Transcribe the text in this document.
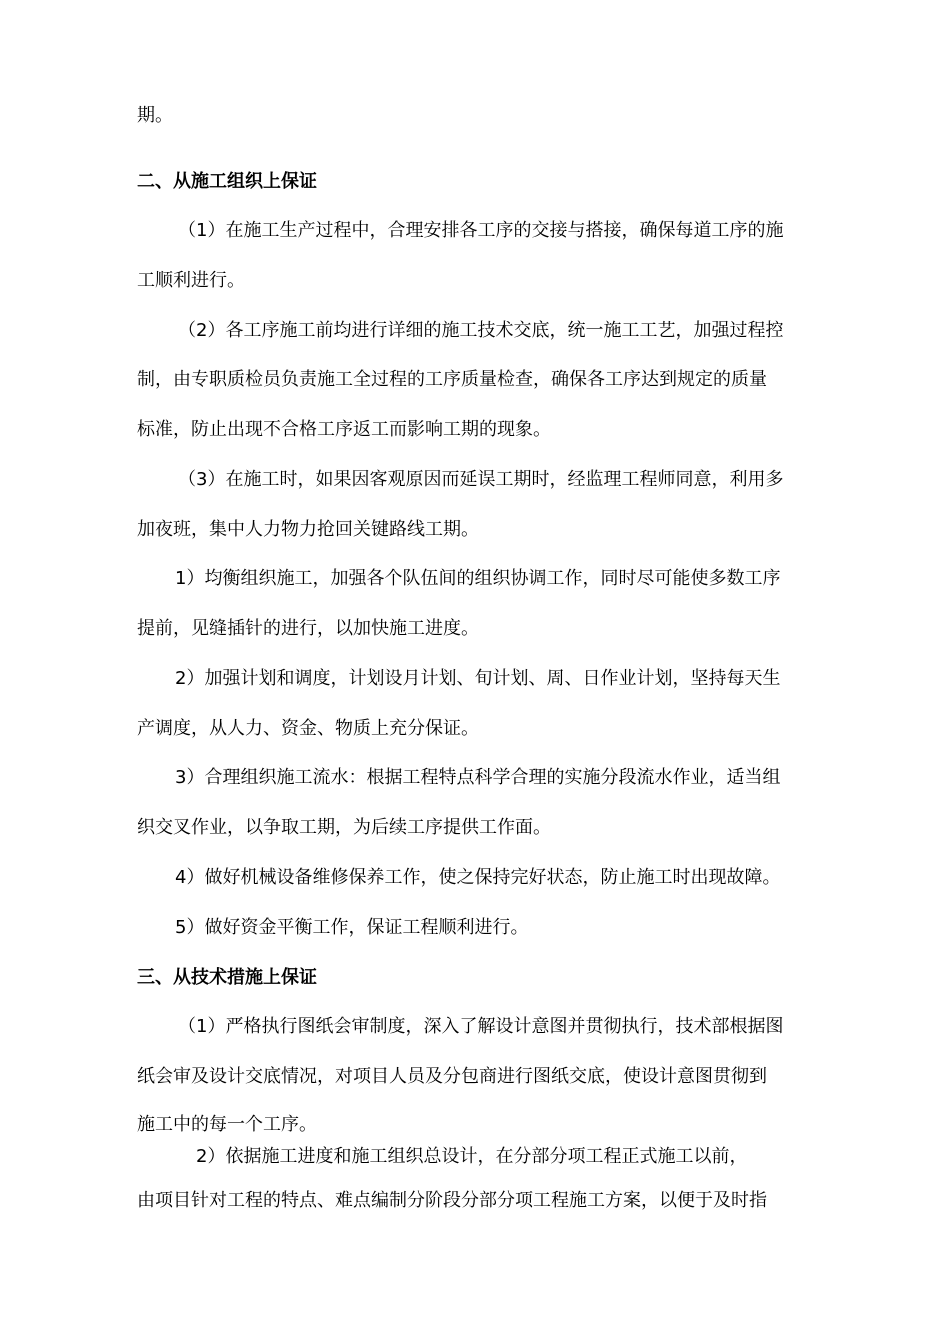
期。

二、从施工组织上保证

（1）在施工生产过程中，合理安排各工序的交接与搭接，确保每道工序的施

工顺利进行。

（2）各工序施工前均进行详细的施工技术交底，统一施工工艺，加强过程控

制，由专职质检员负责施工全过程的工序质量检查，确保各工序达到规定的质量

标准，防止出现不合格工序返工而影响工期的现象。

（3）在施工时，如果因客观原因而延误工期时，经监理工程师同意，利用多

加夜班，集中人力物力抢回关键路线工期。

1）均衡组织施工，加强各个队伍间的组织协调工作，同时尽可能使多数工序

提前，见缝插针的进行，以加快施工进度。

2）加强计划和调度，计划设月计划、旬计划、周、日作业计划，坚持每天生

产调度，从人力、资金、物质上充分保证。

3）合理组织施工流水：根据工程特点科学合理的实施分段流水作业，适当组

织交叉作业，以争取工期，为后续工序提供工作面。

4）做好机械设备维修保养工作，使之保持完好状态，防止施工时出现故障。

5）做好资金平衡工作，保证工程顺利进行。

三、从技术措施上保证

（1）严格执行图纸会审制度，深入了解设计意图并贯彻执行，技术部根据图

纸会审及设计交底情况，对项目人员及分包商进行图纸交底，使设计意图贯彻到

施工中的每一个工序。

2）依据施工进度和施工组织总设计，在分部分项工程正式施工以前，

由项目针对工程的特点、难点编制分阶段分部分项工程施工方案，以便于及时指
